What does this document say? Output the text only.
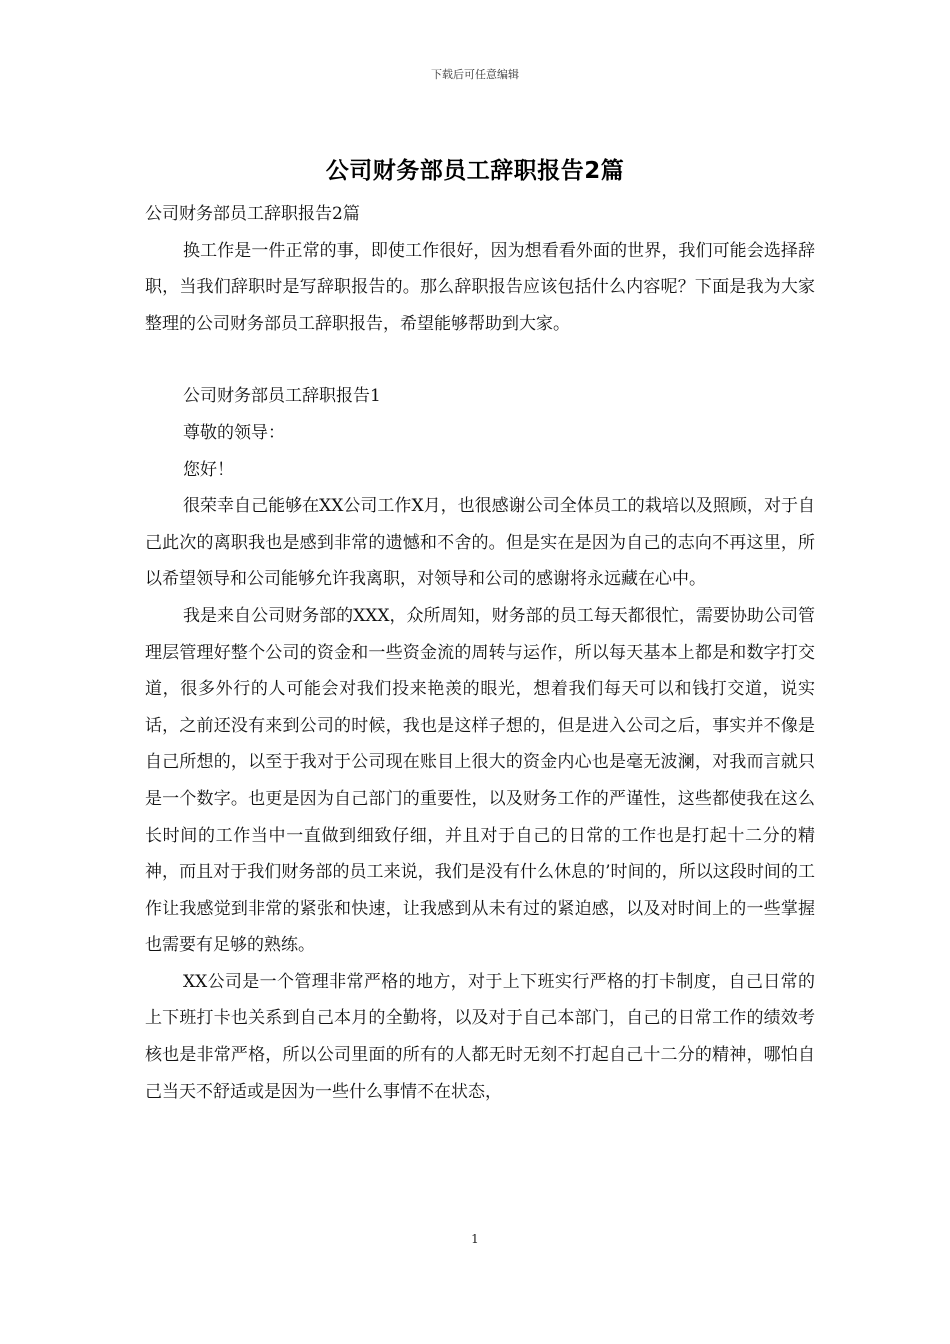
下载后可任意编辑
公司财务部员工辞职报告2篇

公司财务部员工辞职报告2篇

换工作是一件正常的事，即使工作很好，因为想看看外面的世界，我们可能会选择辞职，当我们辞职时是写辞职报告的。那么辞职报告应该包括什么内容呢？下面是我为大家整理的公司财务部员工辞职报告，希望能够帮助到大家。

公司财务部员工辞职报告1

尊敬的领导：

您好！

很荣幸自己能够在XX公司工作X月，也很感谢公司全体员工的栽培以及照顾，对于自己此次的离职我也是感到非常的遗憾和不舍的。但是实在是因为自己的志向不再这里，所以希望领导和公司能够允许我离职，对领导和公司的感谢将永远藏在心中。

我是来自公司财务部的XXX，众所周知，财务部的员工每天都很忙，需要协助公司管理层管理好整个公司的资金和一些资金流的周转与运作，所以每天基本上都是和数字打交道，很多外行的人可能会对我们投来艳羡的眼光，想着我们每天可以和钱打交道，说实话，之前还没有来到公司的时候，我也是这样子想的，但是进入公司之后，事实并不像是自己所想的，以至于我对于公司现在账目上很大的资金内心也是毫无波澜，对我而言就只是一个数字。也更是因为自己部门的重要性，以及财务工作的严谨性，这些都使我在这么长时间的工作当中一直做到细致仔细，并且对于自己的日常的工作也是打起十二分的精神，而且对于我们财务部的员工来说，我们是没有什么休息的’时间的，所以这段时间的工作让我感觉到非常的紧张和快速，让我感到从未有过的紧迫感，以及对时间上的一些掌握也需要有足够的熟练。

XX公司是一个管理非常严格的地方，对于上下班实行严格的打卡制度，自己日常的上下班打卡也关系到自己本月的全勤将，以及对于自己本部门，自己的日常工作的绩效考核也是非常严格，所以公司里面的所有的人都无时无刻不打起自己十二分的精神，哪怕自己当天不舒适或是因为一些什么事情不在状态，

1
